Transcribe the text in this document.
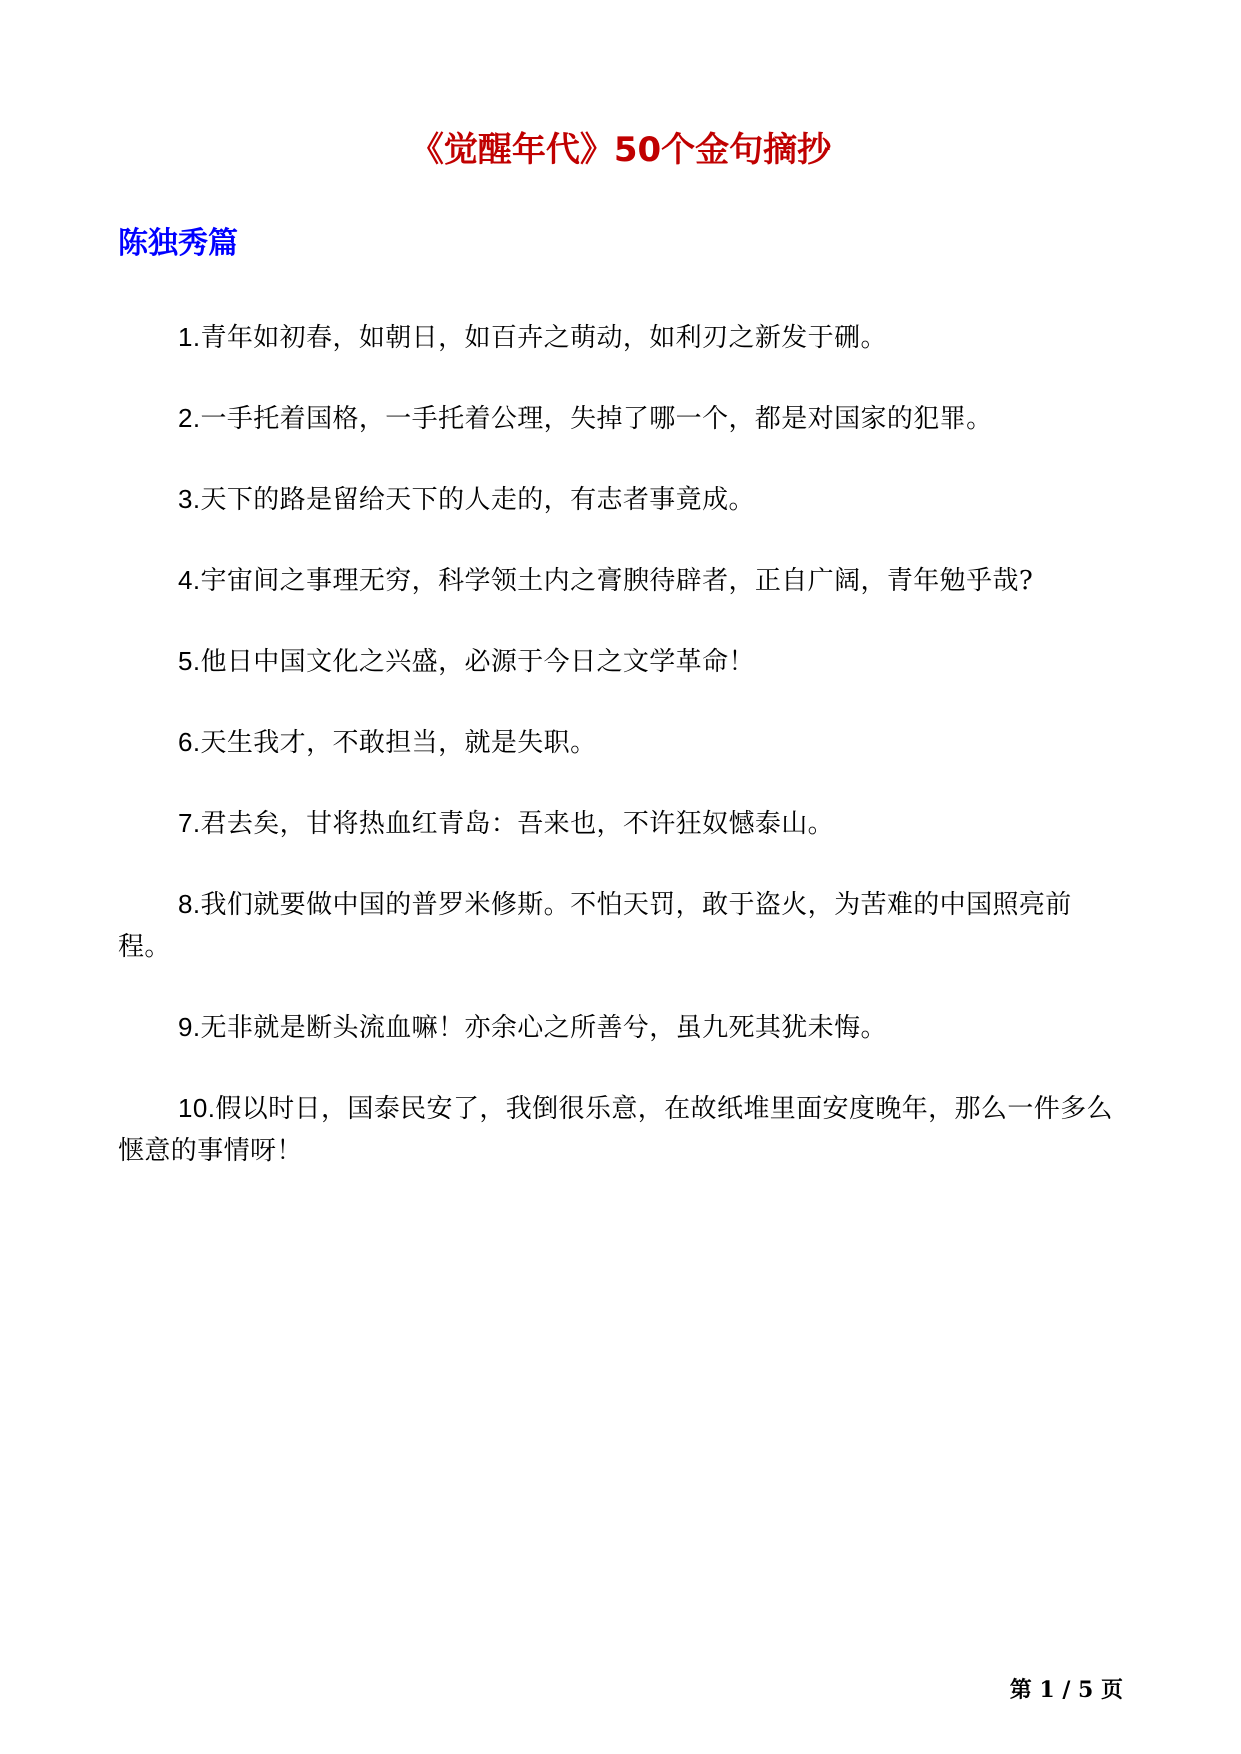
《觉醒年代》50个金句摘抄
陈独秀篇
1.青年如初春，如朝日，如百卉之萌动，如利刃之新发于硎。
2.一手托着国格，一手托着公理，失掉了哪一个，都是对国家的犯罪。
3.天下的路是留给天下的人走的，有志者事竟成。
4.宇宙间之事理无穷，科学领土内之膏腴待辟者，正自广阔，青年勉乎哉?
5.他日中国文化之兴盛，必源于今日之文学革命！
6.天生我才，不敢担当，就是失职。
7.君去矣，甘将热血红青岛：吾来也，不许狂奴憾泰山。
8.我们就要做中国的普罗米修斯。不怕天罚，敢于盗火，为苦难的中国照亮前程。
9.无非就是断头流血嘛！亦余心之所善兮，虽九死其犹未悔。
10.假以时日，国泰民安了，我倒很乐意，在故纸堆里面安度晚年，那么一件多么惬意的事情呀！
第 1 / 5 页
